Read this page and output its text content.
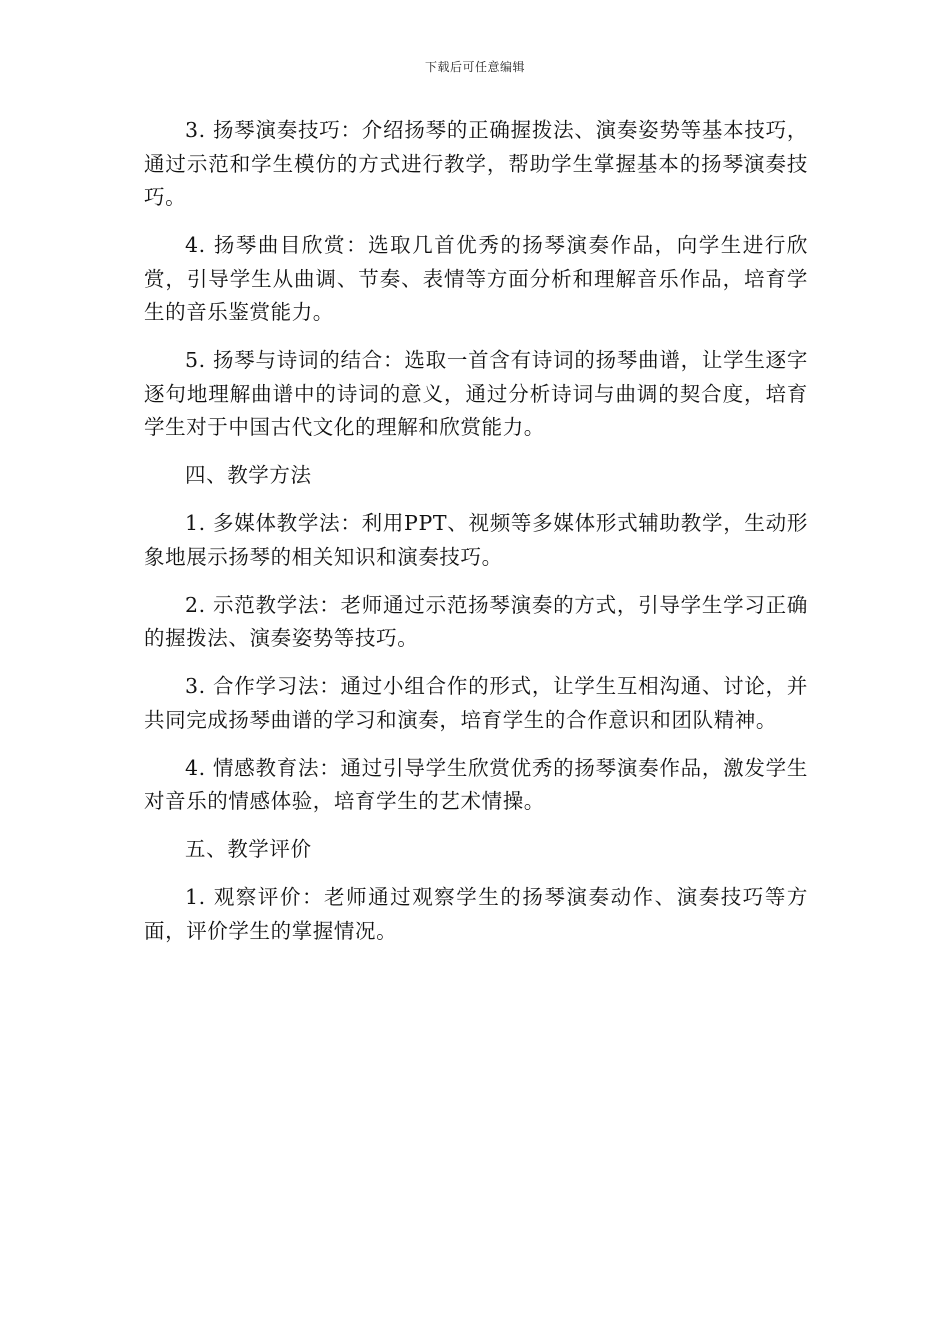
下载后可任意编辑

3. 扬琴演奏技巧：介绍扬琴的正确握拨法、演奏姿势等基本技巧，通过示范和学生模仿的方式进行教学，帮助学生掌握基本的扬琴演奏技巧。

4. 扬琴曲目欣赏：选取几首优秀的扬琴演奏作品，向学生进行欣赏，引导学生从曲调、节奏、表情等方面分析和理解音乐作品，培育学生的音乐鉴赏能力。

5. 扬琴与诗词的结合：选取一首含有诗词的扬琴曲谱，让学生逐字逐句地理解曲谱中的诗词的意义，通过分析诗词与曲调的契合度，培育学生对于中国古代文化的理解和欣赏能力。

四、教学方法

1. 多媒体教学法：利用PPT、视频等多媒体形式辅助教学，生动形象地展示扬琴的相关知识和演奏技巧。

2. 示范教学法：老师通过示范扬琴演奏的方式，引导学生学习正确的握拨法、演奏姿势等技巧。

3. 合作学习法：通过小组合作的形式，让学生互相沟通、讨论，并共同完成扬琴曲谱的学习和演奏，培育学生的合作意识和团队精神。

4. 情感教育法：通过引导学生欣赏优秀的扬琴演奏作品，激发学生对音乐的情感体验，培育学生的艺术情操。

五、教学评价

1. 观察评价：老师通过观察学生的扬琴演奏动作、演奏技巧等方面，评价学生的掌握情况。
